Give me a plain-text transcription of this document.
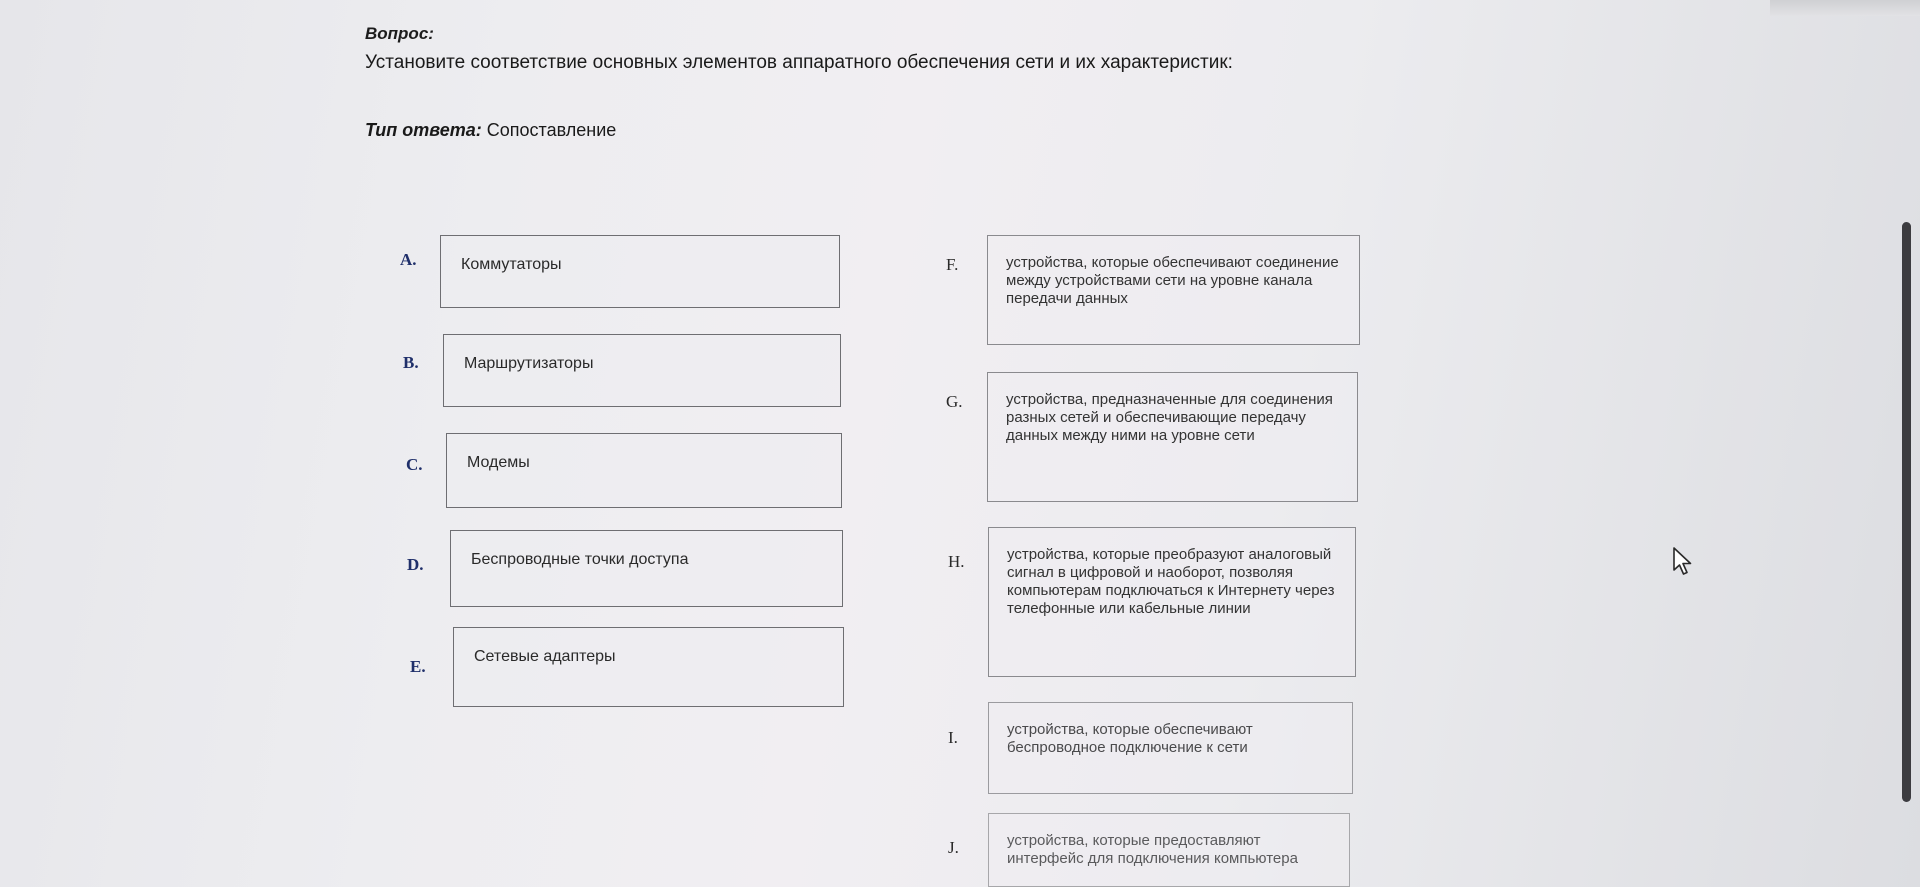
Вопрос:
Установите соответствие основных элементов аппаратного обеспечения сети и их характеристик:
Тип ответа: Сопоставление
A.	Коммутаторы
B.	Маршрутизаторы
C.	Модемы
D.	Беспроводные точки доступа
E.
Сетевые адаптеры
F.	устройства, которые обеспечивают соединение между устройствами сети на уровне канала передачи данных
G.	устройства, предназначенные для соединения разных сетей и обеспечивающие передачу данных между ними на уровне сети
H.	устройства, которые преобразуют аналоговый сигнал в цифровой и наоборот, позволяя компьютерам подключаться к Интернету через телефонные или кабельные линии
I.	устройства, которые обеспечивают беспроводное подключение к сети
J.	устройства, которые предоставляют интерфейс для подключения компьютера
